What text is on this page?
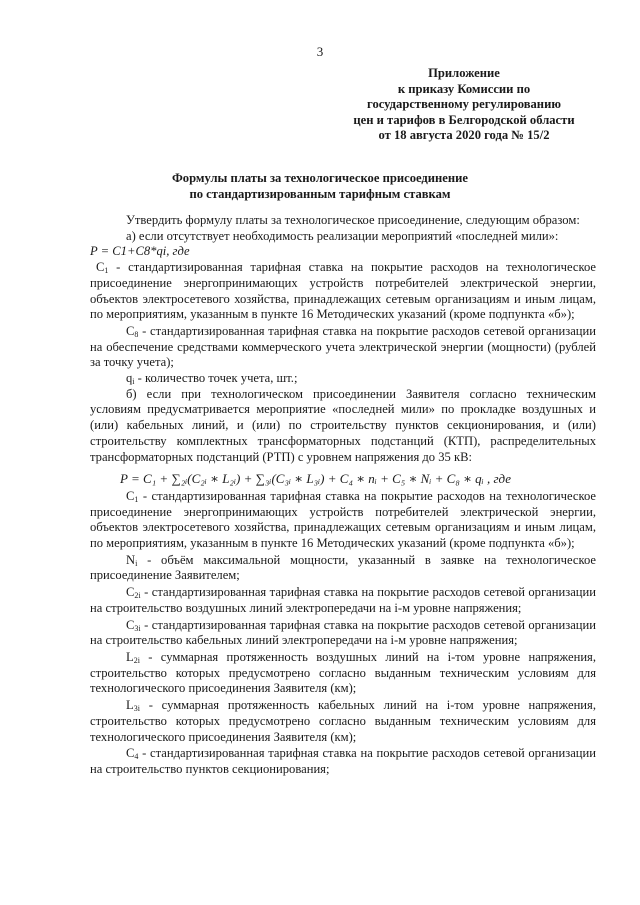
3
Приложение
к приказу Комиссии по
государственному регулированию
цен и тарифов в Белгородской области
от 18 августа 2020 года № 15/2
Формулы платы за технологическое присоединение
по стандартизированным тарифным ставкам

Утвердить формулу платы за технологическое присоединение, следующим образом:

а) если отсутствует необходимость реализации мероприятий «последней мили»:

P = C1+C8*qi, где

$C_1$ - стандартизированная тарифная ставка на покрытие расходов на технологическое присоединение энергопринимающих устройств потребителей электрической энергии, объектов электросетевого хозяйства, принадлежащих сетевым организациям и иным лицам, по мероприятиям, указанным в пункте 16 Методических указаний (кроме подпункта «б»);

$C_8$ - стандартизированная тарифная ставка на покрытие расходов сетевой организации на обеспечение средствами коммерческого учета электрической энергии (мощности) (рублей за точку учета);

$q_i$ - количество точек учета, шт.;

б) если при технологическом присоединении Заявителя согласно техническим условиям предусматривается мероприятие «последней мили» по прокладке воздушных и (или) кабельных линий, и (или) по строительству пунктов секционирования, и (или) строительству комплектных трансформаторных подстанций (КТП), распределительных трансформаторных подстанций (РТП) с уровнем напряжения до 35 кВ:

P = C₁ + ∑₂ᵢ(C₂ᵢ ∗ L₂ᵢ) + ∑₃ᵢ(C₃ᵢ ∗ L₃ᵢ) + C₄ ∗ nᵢ + C₅ ∗ Nᵢ + C₈ ∗ qᵢ , где

$C_1$ - стандартизированная тарифная ставка на покрытие расходов на технологическое присоединение энергопринимающих устройств потребителей электрической энергии, объектов электросетевого хозяйства, принадлежащих сетевым организациям и иным лицам, по мероприятиям, указанным в пункте 16 Методических указаний (кроме подпункта «б»);

$N_i$ - объём максимальной мощности, указанный в заявке на технологическое присоединение Заявителем;

$C_{2i}$ - стандартизированная тарифная ставка на покрытие расходов сетевой организации на строительство воздушных линий электропередачи на i-м уровне напряжения;

$C_{3i}$ - стандартизированная тарифная ставка на покрытие расходов сетевой организации на строительство кабельных линий электропередачи на i-м уровне напряжения;

$L_{2i}$ - суммарная протяженность воздушных линий на i-том уровне напряжения, строительство которых предусмотрено согласно выданным техническим условиям для технологического присоединения Заявителя (км);

$L_{3i}$ - суммарная протяженность кабельных линий на i-том уровне напряжения, строительство которых предусмотрено согласно выданным техническим условиям для технологического присоединения Заявителя (км);

$C_4$ - стандартизированная тарифная ставка на покрытие расходов сетевой организации на строительство пунктов секционирования;
